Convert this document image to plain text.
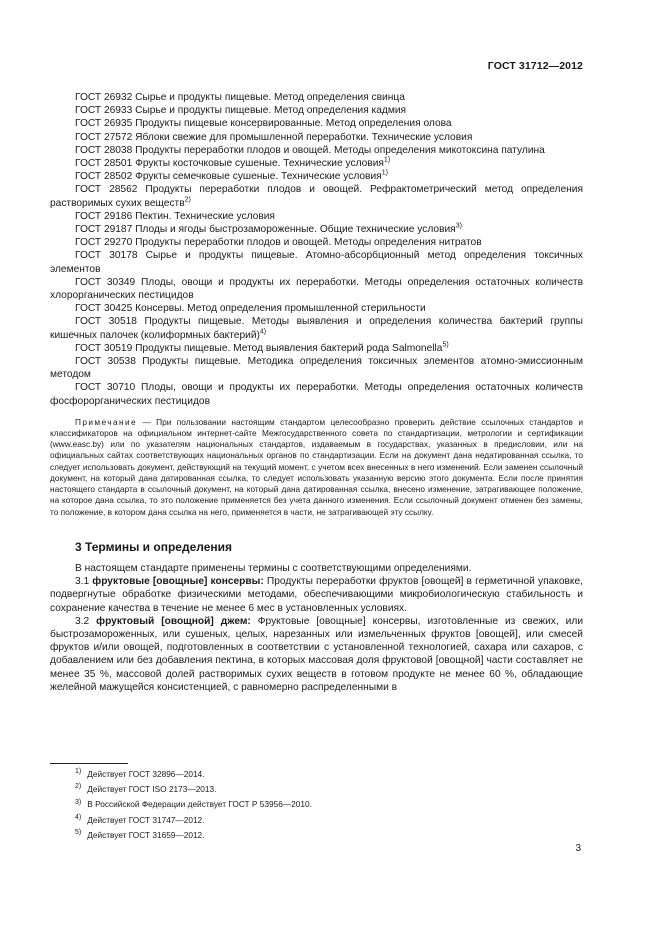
ГОСТ 31712—2012

ГОСТ 26932 Сырье и продукты пищевые. Метод определения свинца

ГОСТ 26933 Сырье и продукты пищевые. Метод определения кадмия

ГОСТ 26935 Продукты пищевые консервированные. Метод определения олова

ГОСТ 27572 Яблоки свежие для промышленной переработки. Технические условия

ГОСТ 28038 Продукты переработки плодов и овощей. Методы определения микотоксина патулина

ГОСТ 28501 Фрукты косточковые сушеные. Технические условия$^{1)}$

ГОСТ 28502 Фрукты семечковые сушеные. Технические условия$^{1)}$

ГОСТ 28562 Продукты переработки плодов и овощей. Рефрактометрический метод определения растворимых сухих веществ$^{2)}$

ГОСТ 29186 Пектин. Технические условия

ГОСТ 29187 Плоды и ягоды быстрозамороженные. Общие технические условия$^{3)}$

ГОСТ 29270 Продукты переработки плодов и овощей. Методы определения нитратов

ГОСТ 30178 Сырье и продукты пищевые. Атомно-абсорбционный метод определения токсичных элементов

ГОСТ 30349 Плоды, овощи и продукты их переработки. Методы определения остаточных количеств хлорорганических пестицидов

ГОСТ 30425 Консервы. Метод определения промышленной стерильности

ГОСТ 30518 Продукты пищевые. Методы выявления и определения количества бактерий группы кишечных палочек (колиформных бактерий)$^{4)}$

ГОСТ 30519 Продукты пищевые. Метод выявления бактерий рода Salmonella$^{5)}$

ГОСТ 30538 Продукты пищевые. Методика определения токсичных элементов атомно-эмиссионным методом

ГОСТ 30710 Плоды, овощи и продукты их переработки. Методы определения остаточных количеств фосфорорганических пестицидов

Примечание — При пользовании настоящим стандартом целесообразно проверить действие ссылочных стандартов и классификаторов на официальном интернет-сайте Межгосударственного совета по стандартизации, метрологии и сертификации (www.easc.by) или по указателям национальных стандартов, издаваемым в государствах, указанных в предисловии, или на официальных сайтах соответствующих национальных органов по стандартизации. Если на документ дана недатированная ссылка, то следует использовать документ, действующий на текущий момент, с учетом всех внесенных в него изменений. Если заменен ссылочный документ, на который дана датированная ссылка, то следует использовать указанную версию этого документа. Если после принятия настоящего стандарта в ссылочный документ, на который дана датированная ссылка, внесено изменение, затрагивающее положение, на которое дана ссылка, то это положение применяется без учета данного изменения. Если ссылочный документ отменен без замены, то положение, в котором дана ссылка на него, применяется в части, не затрагивающей эту ссылку.

3 Термины и определения

В настоящем стандарте применены термины с соответствующими определениями.

3.1 фруктовые [овощные] консервы: Продукты переработки фруктов [овощей] в герметичной упаковке, подвергнутые обработке физическими методами, обеспечивающими микробиологическую стабильность и сохранение качества в течение не менее 6 мес в установленных условиях.

3.2 фруктовый [овощной] джем: Фруктовые [овощные] консервы, изготовленные из свежих, или быстрозамороженных, или сушеных, целых, нарезанных или измельченных фруктов [овощей], или смесей фруктов и/или овощей, подготовленных в соответствии с установленной технологией, сахара или сахаров, с добавлением или без добавления пектина, в которых массовая доля фруктовой [овощной] части составляет не менее 35 %, массовой долей растворимых сухих веществ в готовом продукте не менее 60 %, обладающие желейной мажущейся консистенцией, с равномерно распределенными в

$^{1)}$ Действует ГОСТ 32896—2014.

$^{2)}$ Действует ГОСТ ISO 2173—2013.

$^{3)}$ В Российской Федерации действует ГОСТ Р 53956—2010.

$^{4)}$ Действует ГОСТ 31747—2012.

$^{5)}$ Действует ГОСТ 31659—2012.

3
